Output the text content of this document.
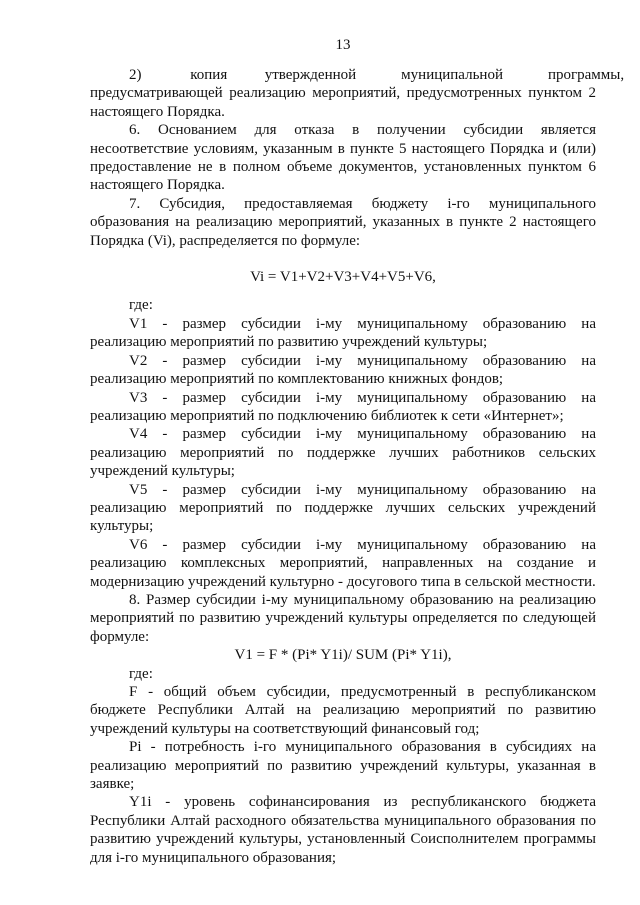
13

2)             копия          утвержденной            муниципальной            программы, предусматривающей реализацию мероприятий, предусмотренных пунктом 2 настоящего Порядка.

6. Основанием для отказа в получении субсидии является несоответствие условиям, указанным в пункте 5 настоящего Порядка и (или) предоставление не в полном объеме документов, установленных пунктом 6 настоящего Порядка.

7. Субсидия, предоставляемая бюджету i-го муниципального образования на реализацию мероприятий, указанных в пункте 2 настоящего Порядка (Vi), распределяется по формуле:

Vi = V1+V2+V3+V4+V5+V6,

где:

V1 - размер субсидии i-му муниципальному образованию на реализацию мероприятий по развитию учреждений культуры;

V2 - размер субсидии i-му муниципальному образованию на реализацию мероприятий по комплектованию книжных фондов;

V3 - размер субсидии i-му муниципальному образованию на реализацию мероприятий по подключению библиотек к сети «Интернет»;

V4 - размер субсидии i-му муниципальному образованию на реализацию мероприятий по поддержке лучших работников сельских учреждений культуры;

V5 - размер субсидии i-му муниципальному образованию на реализацию мероприятий по поддержке лучших сельских учреждений культуры;

V6 - размер субсидии i-му муниципальному образованию на реализацию комплексных мероприятий, направленных на создание и модернизацию учреждений культурно - досугового типа в сельской местности.

8. Размер субсидии i-му муниципальному образованию на реализацию мероприятий по развитию учреждений культуры определяется по следующей формуле:

V1 = F * (Pi* Y1i)/ SUM (Pi* Y1i),

где:

F - общий объем субсидии, предусмотренный в республиканском бюджете Республики Алтай на реализацию мероприятий по развитию учреждений культуры на соответствующий финансовый год;

Pi - потребность i-го муниципального образования в субсидиях на реализацию мероприятий по развитию учреждений культуры, указанная в заявке;

Y1i - уровень софинансирования из республиканского бюджета Республики Алтай расходного обязательства муниципального образования по развитию учреждений культуры, установленный Соисполнителем программы для i-го муниципального образования;
